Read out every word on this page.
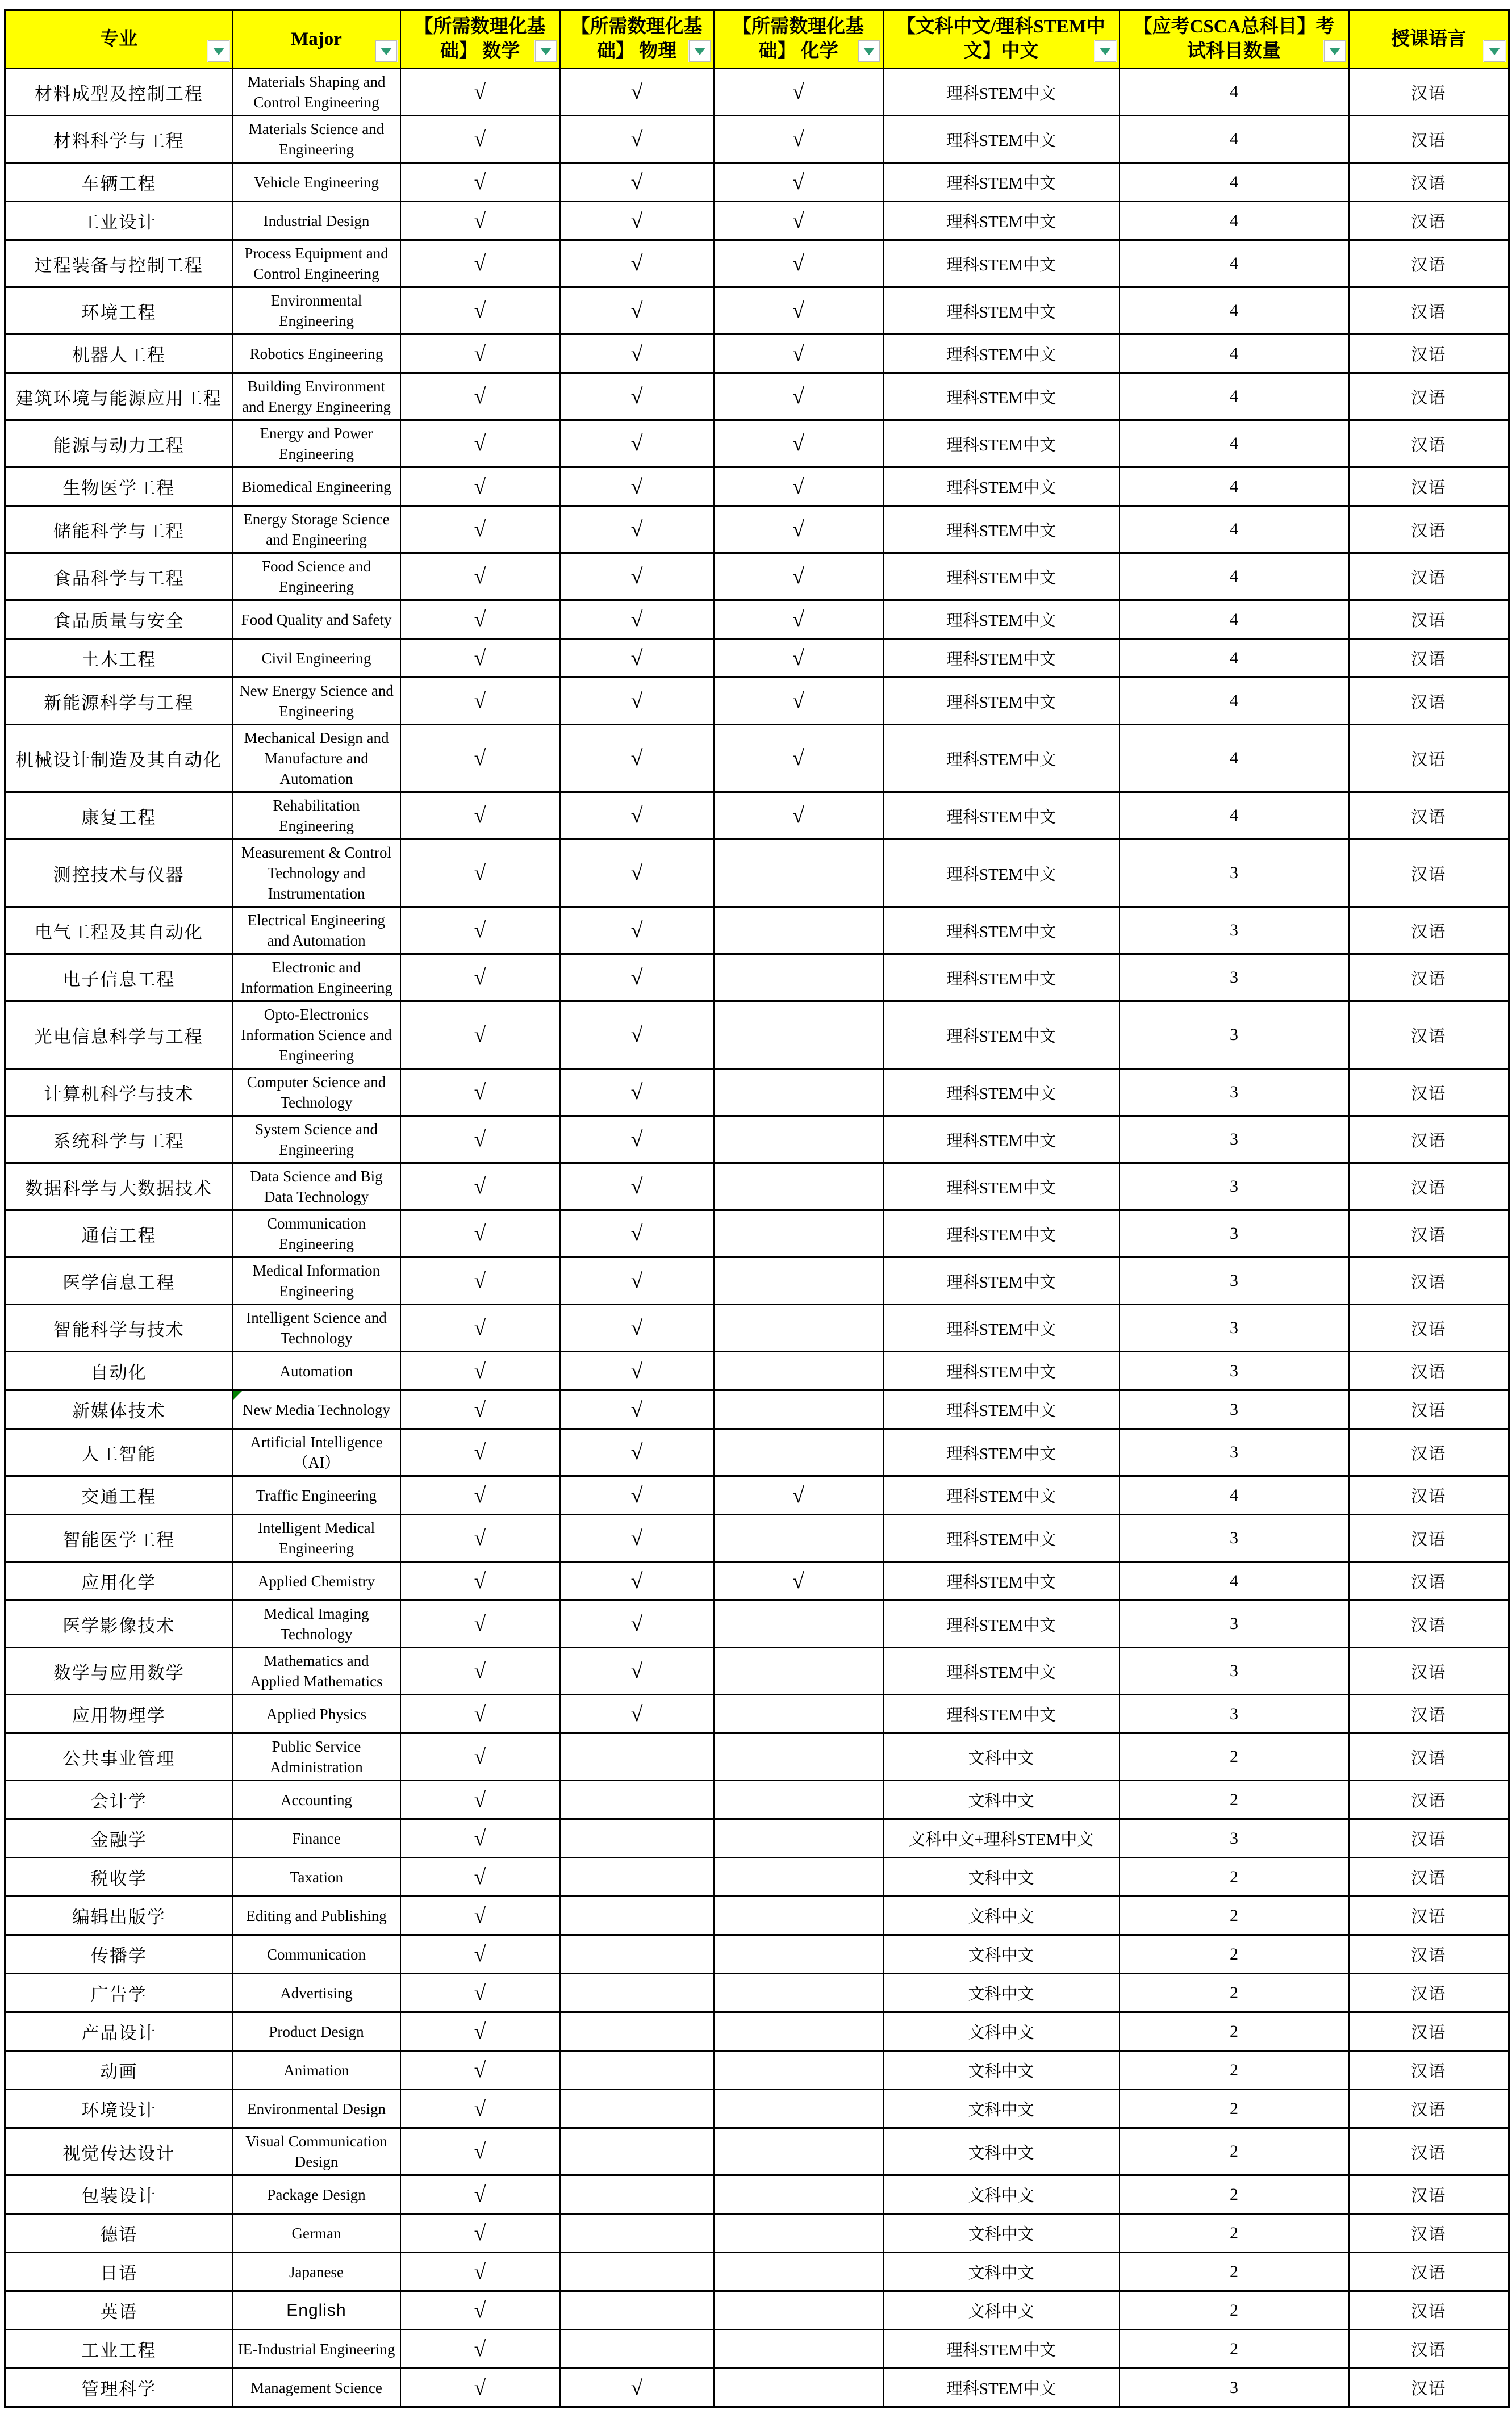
专业	Major	【所需数理化基础】 数学	【所需数理化基础】 物理	【所需数理化基础】 化学	【文科中文/理科STEM中文】中文	【应考CSCA总科目】考试科目数量	授课语言

材料成型及控制工程	Materials Shaping and Control Engineering	√	√	√	理科STEM中文	4	汉语
材料科学与工程	Materials Science and Engineering	√	√	√	理科STEM中文	4	汉语
车辆工程	Vehicle Engineering	√	√	√	理科STEM中文	4	汉语
工业设计	Industrial Design	√	√	√	理科STEM中文	4	汉语
过程装备与控制工程	Process Equipment and Control Engineering	√	√	√	理科STEM中文	4	汉语
环境工程	Environmental Engineering	√	√	√	理科STEM中文	4	汉语
机器人工程	Robotics Engineering	√	√	√	理科STEM中文	4	汉语
建筑环境与能源应用工程	Building Environment and Energy Engineering	√	√	√	理科STEM中文	4	汉语
能源与动力工程	Energy and Power Engineering	√	√	√	理科STEM中文	4	汉语
生物医学工程	Biomedical Engineering	√	√	√	理科STEM中文	4	汉语
储能科学与工程	Energy Storage Science and Engineering	√	√	√	理科STEM中文	4	汉语
食品科学与工程	Food Science and Engineering	√	√	√	理科STEM中文	4	汉语
食品质量与安全	Food Quality and Safety	√	√	√	理科STEM中文	4	汉语
土木工程	Civil Engineering	√	√	√	理科STEM中文	4	汉语
新能源科学与工程	New Energy Science and Engineering	√	√	√	理科STEM中文	4	汉语
机械设计制造及其自动化	Mechanical Design and Manufacture and Automation	√	√	√	理科STEM中文	4	汉语
康复工程	Rehabilitation Engineering	√	√	√	理科STEM中文	4	汉语
测控技术与仪器	Measurement & Control Technology and Instrumentation	√	√		理科STEM中文	3	汉语
电气工程及其自动化	Electrical Engineering and Automation	√	√		理科STEM中文	3	汉语
电子信息工程	Electronic and Information Engineering	√	√		理科STEM中文	3	汉语
光电信息科学与工程	Opto-Electronics Information Science and Engineering	√	√		理科STEM中文	3	汉语
计算机科学与技术	Computer Science and Technology	√	√		理科STEM中文	3	汉语
系统科学与工程	System Science and Engineering	√	√		理科STEM中文	3	汉语
数据科学与大数据技术	Data Science and Big Data Technology	√	√		理科STEM中文	3	汉语
通信工程	Communication Engineering	√	√		理科STEM中文	3	汉语
医学信息工程	Medical Information Engineering	√	√		理科STEM中文	3	汉语
智能科学与技术	Intelligent Science and Technology	√	√		理科STEM中文	3	汉语
自动化	Automation	√	√		理科STEM中文	3	汉语
新媒体技术	New Media Technology	√	√		理科STEM中文	3	汉语
人工智能	Artificial Intelligence（AI）	√	√		理科STEM中文	3	汉语
交通工程	Traffic Engineering	√	√	√	理科STEM中文	4	汉语
智能医学工程	Intelligent Medical Engineering	√	√		理科STEM中文	3	汉语
应用化学	Applied Chemistry	√	√	√	理科STEM中文	4	汉语
医学影像技术	Medical Imaging Technology	√	√		理科STEM中文	3	汉语
数学与应用数学	Mathematics and Applied Mathematics	√	√		理科STEM中文	3	汉语
应用物理学	Applied Physics	√	√		理科STEM中文	3	汉语
公共事业管理	Public Service Administration	√			文科中文	2	汉语
会计学	Accounting	√			文科中文	2	汉语
金融学	Finance	√			文科中文+理科STEM中文	3	汉语
税收学	Taxation	√			文科中文	2	汉语
编辑出版学	Editing and Publishing	√			文科中文	2	汉语
传播学	Communication	√			文科中文	2	汉语
广告学	Advertising	√			文科中文	2	汉语
产品设计	Product Design	√			文科中文	2	汉语
动画	Animation	√			文科中文	2	汉语
环境设计	Environmental Design	√			文科中文	2	汉语
视觉传达设计	Visual Communication Design	√			文科中文	2	汉语
包装设计	Package Design	√			文科中文	2	汉语
德语	German	√			文科中文	2	汉语
日语	Japanese	√			文科中文	2	汉语
英语	English	√			文科中文	2	汉语
工业工程	IE-Industrial Engineering	√			理科STEM中文	2	汉语
管理科学	Management Science	√	√		理科STEM中文	3	汉语
